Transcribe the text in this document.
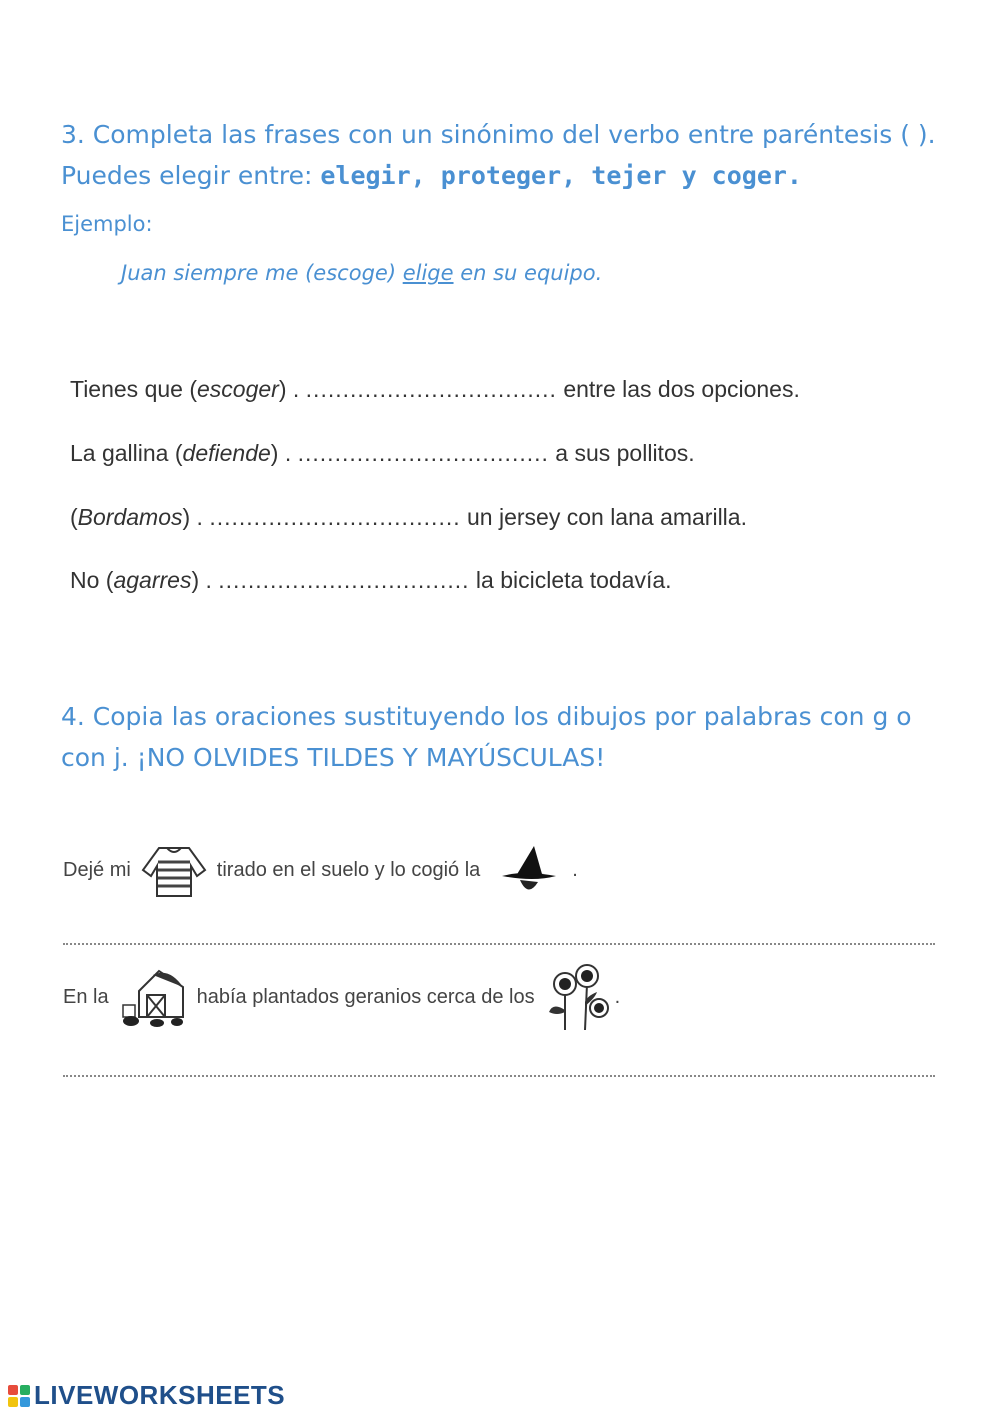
3. Completa las frases con un sinónimo del verbo entre paréntesis ( ).
Puedes elegir entre: elegir, proteger, tejer y coger.
Ejemplo:
Juan siempre me (escoge) elige en su equipo.
Tienes que (escoger) . .................................. entre las dos opciones.
La gallina (defiende) . .................................. a sus pollitos.
(Bordamos) . .................................. un jersey con lana amarilla.
No (agarres) . .................................. la bicicleta todavía.
4. Copia las oraciones sustituyendo los dibujos por palabras con g o
con j. ¡NO OLVIDES TILDES Y MAYÚSCULAS!
Dejé mi	tirado en el suelo y lo cogió la	.
En la	había plantados geranios cerca de los	.
LIVEWORKSHEETS
